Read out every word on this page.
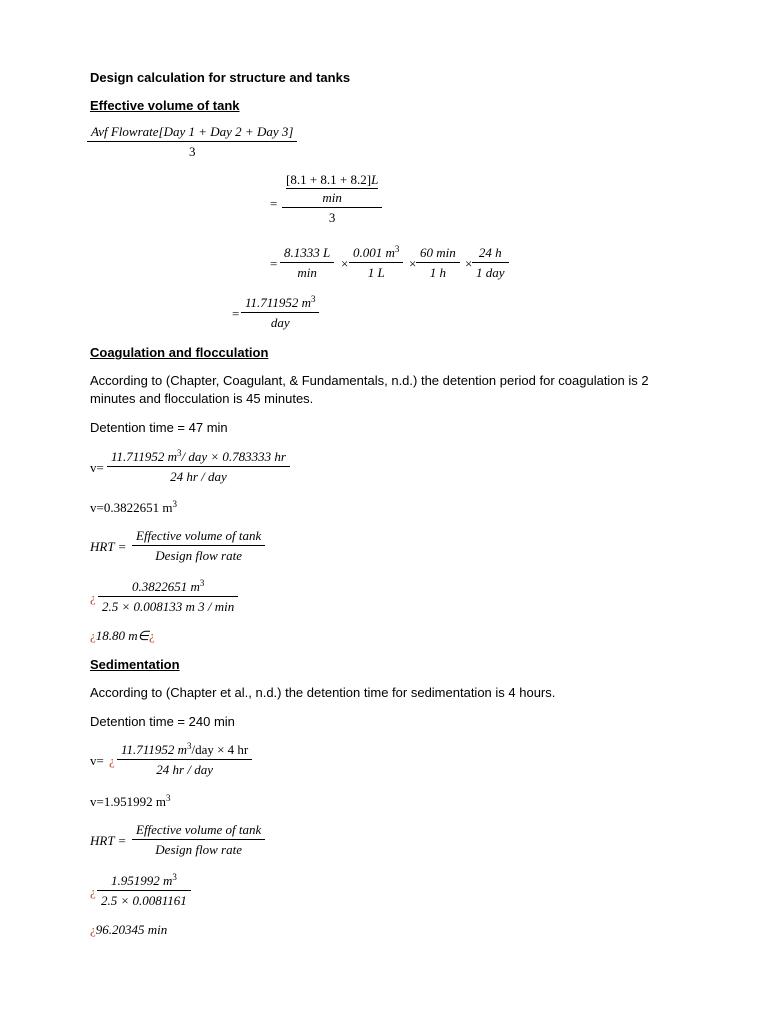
Design calculation for structure and tanks
Effective volume of tank
Avf Flowrate[Day 1 + Day 2 + Day 3]
3
=
[8.1 + 8.1 + 8.2]L
min
3
=
8.1333 L
min
× $\frac{0.001 m^3}{1 L}$ ×
60 min
1 h
×
24 h
1 day
=
11.711952 $m^3$
day
Coagulation and flocculation
According to (Chapter, Coagulant, & Fundamentals, n.d.) the detention period for coagulation is 2 minutes and flocculation is 45 minutes.
Detention time = 47 min
v=
11.711952 $m^3/$ day × 0.783333 hr
24 hr / day
v=0.3822651 $m^3$
HRT =
Effective volume of tank
Design flow rate
¿
0.3822651 $m^3$
2.5 × 0.008133 m 3 / min
¿18.80 m∈¿
Sedimentation
According to (Chapter et al., n.d.) the detention time for sedimentation is 4 hours.
Detention time = 240 min
v= ¿
11.711952 $m^3$/day × 4 hr
24 hr / day
v=1.951992 $m^3$
HRT =
Effective volume of tank
Design flow rate
¿ $\frac{1.951992 m^3}{2.5 \times 0.0081161}$
¿96.20345 min
